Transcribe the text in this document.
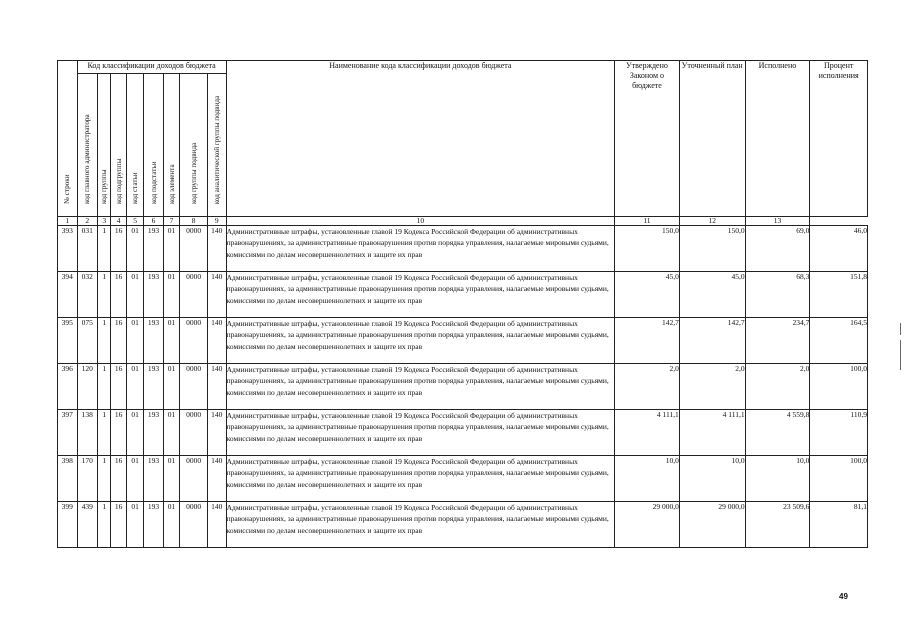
№ строки	Код классификации доходов бюджета								Наименование кода классификации доходов бюджета	Утверждено Законом о бюджете	Уточненный план	Исполнено	Процент исполнения

	код главного администратора	код группы	код подгруппы	код статьи	код подстатьи	код элемента	код группы подвида	код аналитической группы подвида					

1	2	3	4	5	6	7	8	9	10	11	12	13	
393	031	1	16	01	193	01	0000	140	Административные штрафы, установленные главой 19 Кодекса Российской Федерации об административных правонарушениях, за административные правонарушения против порядка управления, налагаемые мировыми судьями, комиссиями по делам несовершеннолетних и защите их прав	150,0	150,0	69,0	46,0
394	032	1	16	01	193	01	0000	140	Административные штрафы, установленные главой 19 Кодекса Российской Федерации об административных правонарушениях, за административные правонарушения против порядка управления, налагаемые мировыми судьями, комиссиями по делам несовершеннолетних и защите их прав	45,0	45,0	68,3	151,8
395	075	1	16	01	193	01	0000	140	Административные штрафы, установленные главой 19 Кодекса Российской Федерации об административных правонарушениях, за административные правонарушения против порядка управления, налагаемые мировыми судьями, комиссиями по делам несовершеннолетних и защите их прав	142,7	142,7	234,7	164,5
396	120	1	16	01	193	01	0000	140	Административные штрафы, установленные главой 19 Кодекса Российской Федерации об административных правонарушениях, за административные правонарушения против порядка управления, налагаемые мировыми судьями, комиссиями по делам несовершеннолетних и защите их прав	2,0	2,0	2,0	100,0
397	138	1	16	01	193	01	0000	140	Административные штрафы, установленные главой 19 Кодекса Российской Федерации об административных правонарушениях, за административные правонарушения против порядка управления, налагаемые мировыми судьями, комиссиями по делам несовершеннолетних и защите их прав	4 111,1	4 111,1	4 559,8	110,9
398	170	1	16	01	193	01	0000	140	Административные штрафы, установленные главой 19 Кодекса Российской Федерации об административных правонарушениях, за административные правонарушения против порядка управления, налагаемые мировыми судьями, комиссиями по делам несовершеннолетних и защите их прав	10,0	10,0	10,0	100,0
399	439	1	16	01	193	01	0000	140	Административные штрафы, установленные главой 19 Кодекса Российской Федерации об административных правонарушениях, за административные правонарушения против порядка управления, налагаемые мировыми судьями, комиссиями по делам несовершеннолетних и защите их прав	29 000,0	29 000,0	23 509,6	81,1
49
